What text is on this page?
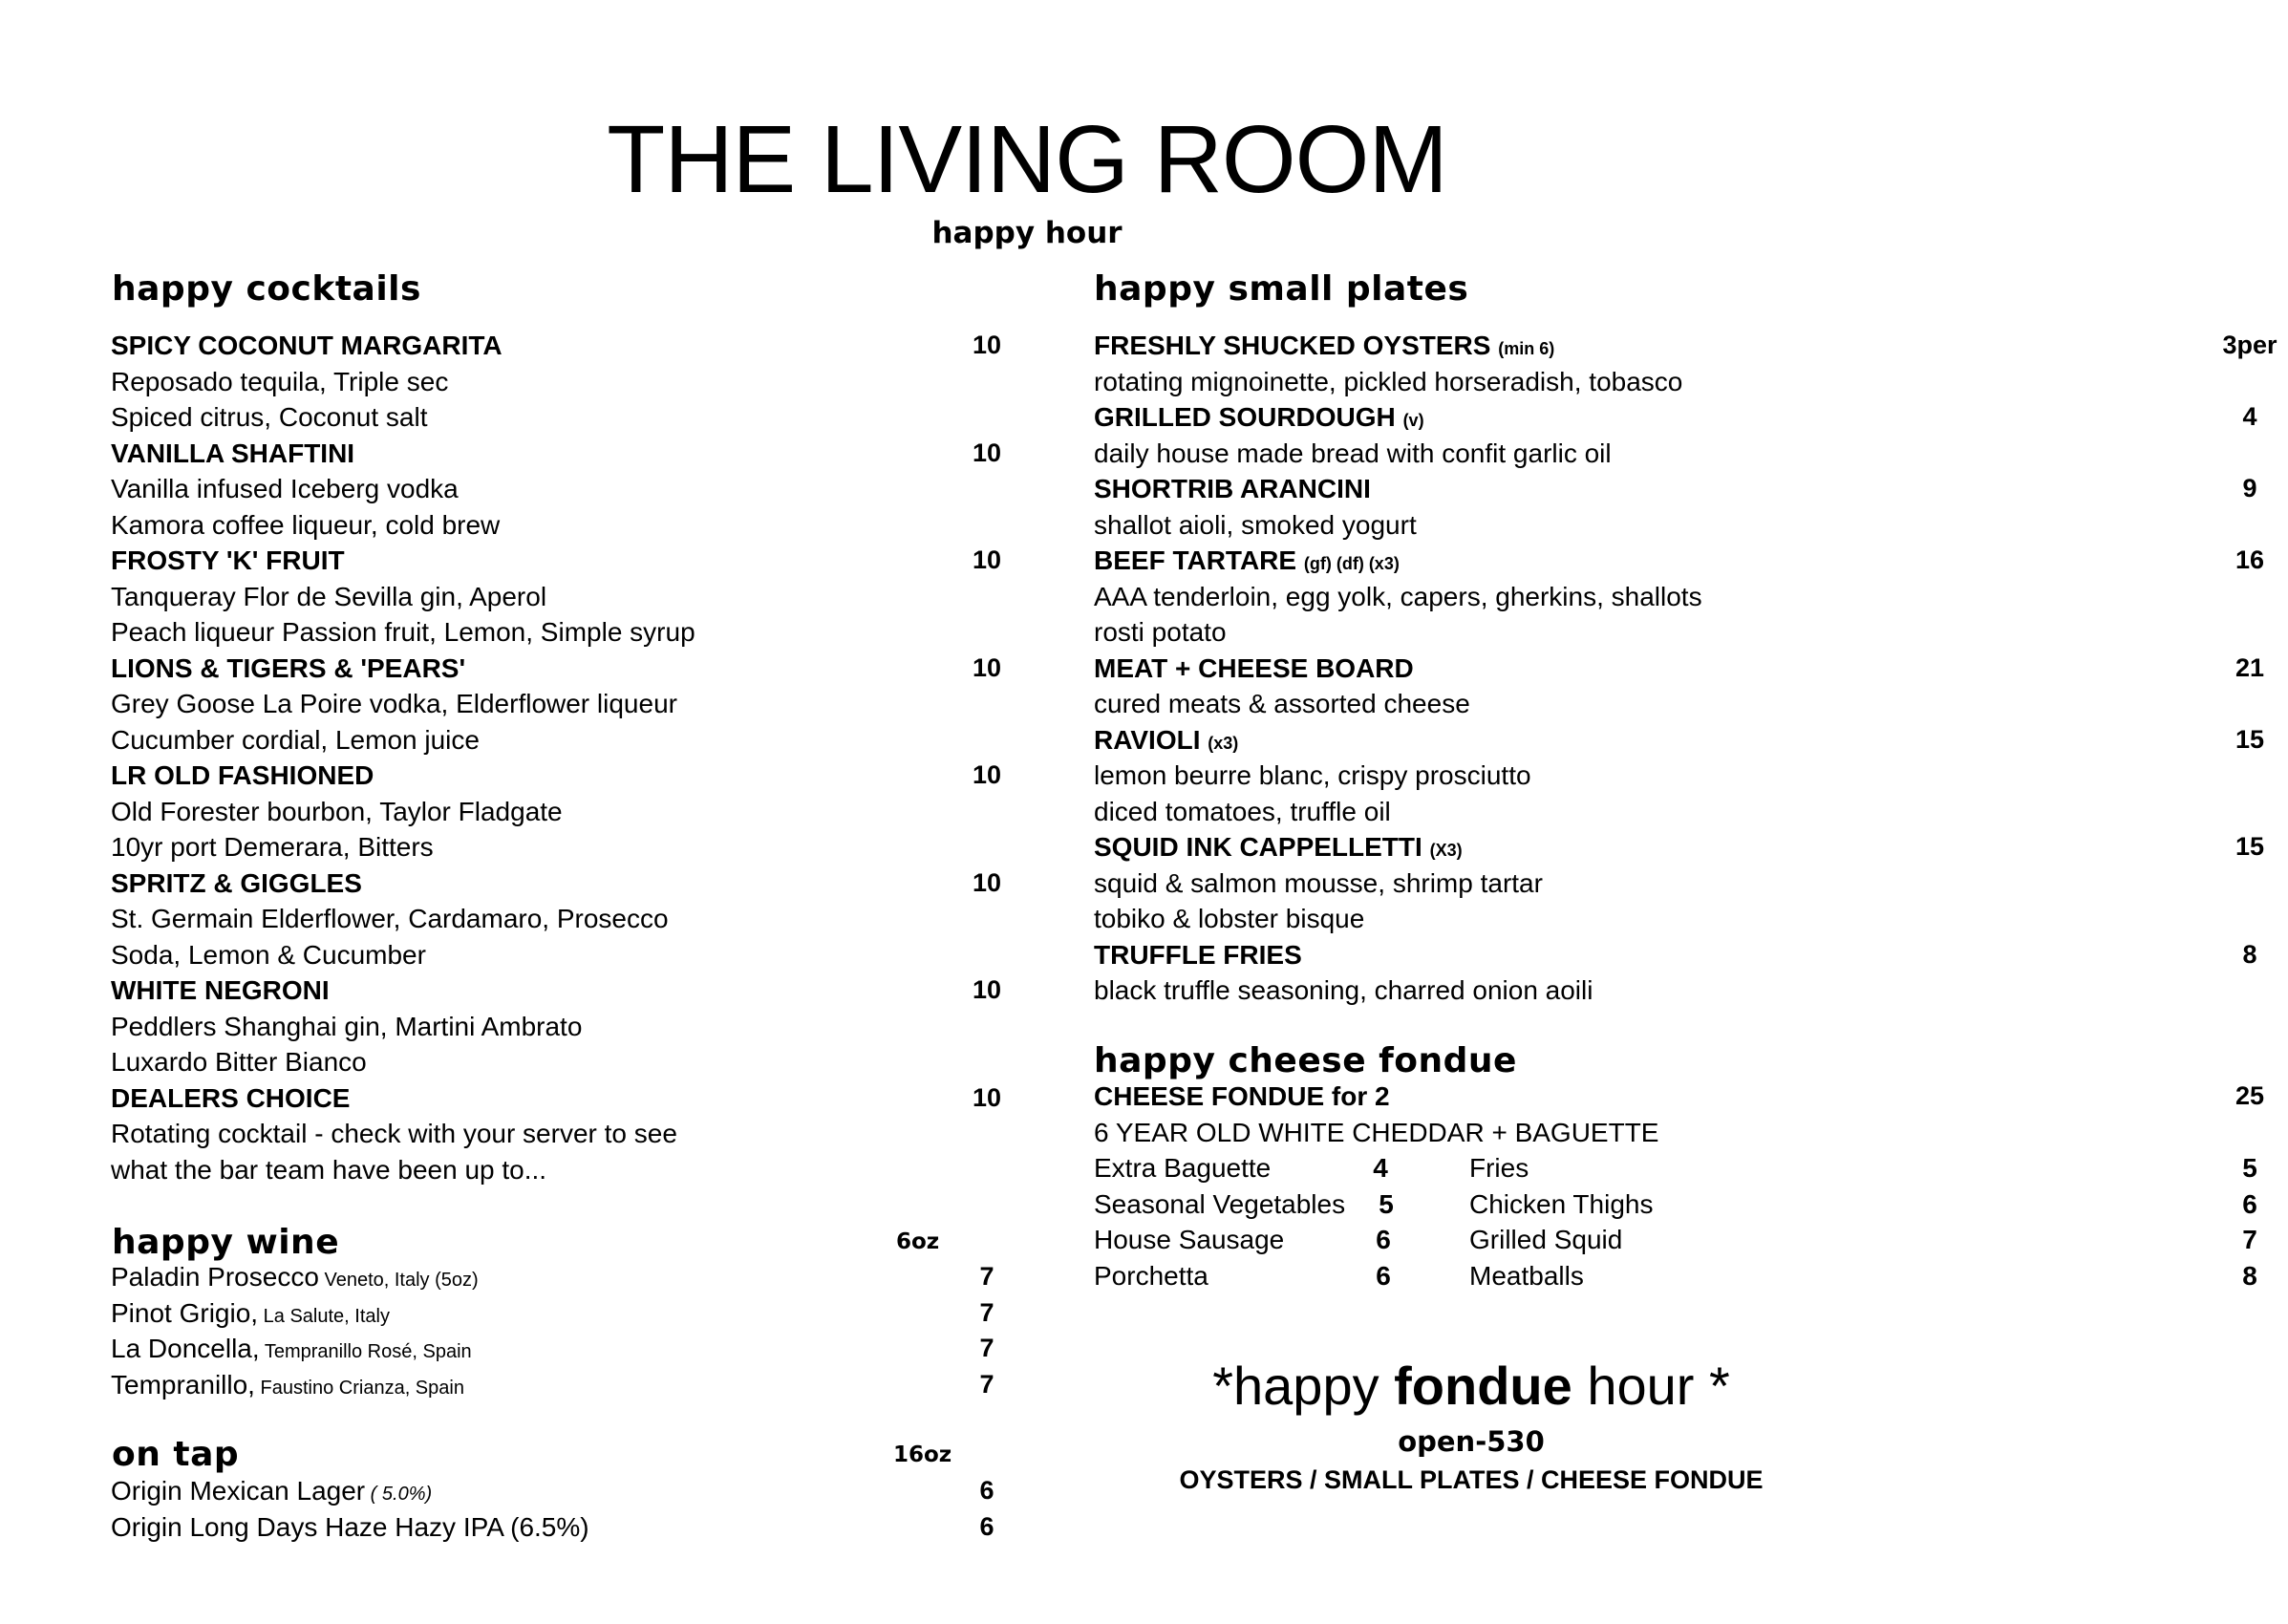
THE LIVING ROOM
happy hour
happy cocktails
SPICY COCONUT MARGARITA	10
Reposado tequila, Triple sec
Spiced citrus, Coconut salt
VANILLA SHAFTINI	10
Vanilla infused Iceberg vodka
Kamora coffee liqueur, cold brew
FROSTY 'K' FRUIT	10
Tanqueray Flor de Sevilla gin, Aperol
Peach liqueur Passion fruit, Lemon, Simple syrup
LIONS & TIGERS & 'PEARS'	10
Grey Goose La Poire vodka, Elderflower liqueur
Cucumber cordial, Lemon juice
LR OLD FASHIONED	10
Old Forester bourbon, Taylor Fladgate
10yr port Demerara, Bitters
SPRITZ & GIGGLES	10
St. Germain Elderflower, Cardamaro, Prosecco
Soda, Lemon & Cucumber
WHITE NEGRONI	10
Peddlers Shanghai gin, Martini Ambrato
Luxardo Bitter Bianco
DEALERS CHOICE	10
Rotating cocktail - check with your server to see
what the bar team have been up to...
happy wine	6oz
Paladin Prosecco Veneto, Italy (5oz)	7
Pinot Grigio, La Salute, Italy	7
La Doncella, Tempranillo Rosé, Spain	7
Tempranillo, Faustino Crianza, Spain	7
on tap	16oz
Origin Mexican Lager ( 5.0%)	6
Origin Long Days Haze Hazy IPA (6.5%)	6
happy small plates
FRESHLY SHUCKED OYSTERS (min 6)	3per
rotating mignoinette, pickled horseradish, tobasco
GRILLED SOURDOUGH (v)	4
daily house made bread with confit garlic oil
SHORTRIB ARANCINI	9
shallot aioli, smoked yogurt
BEEF TARTARE (gf) (df) (x3)	16
AAA tenderloin, egg yolk, capers, gherkins, shallots
rosti potato
MEAT + CHEESE BOARD	21
cured meats & assorted cheese
RAVIOLI (x3)	15
lemon beurre blanc, crispy prosciutto
diced tomatoes, truffle oil
SQUID INK CAPPELLETTI (X3)	15
squid & salmon mousse, shrimp tartar
tobiko & lobster bisque
TRUFFLE FRIES	8
black truffle seasoning, charred onion aoili
happy cheese fondue
CHEESE FONDUE for 2	25
6 YEAR OLD WHITE CHEDDAR + BAGUETTE
Extra Baguette	4	Fries	5
Seasonal Vegetables	5	Chicken Thighs	6
House Sausage	6	Grilled Squid	7
Porchetta	6	Meatballs	8
*happy fondue hour *
open-530
OYSTERS / SMALL PLATES / CHEESE FONDUE
